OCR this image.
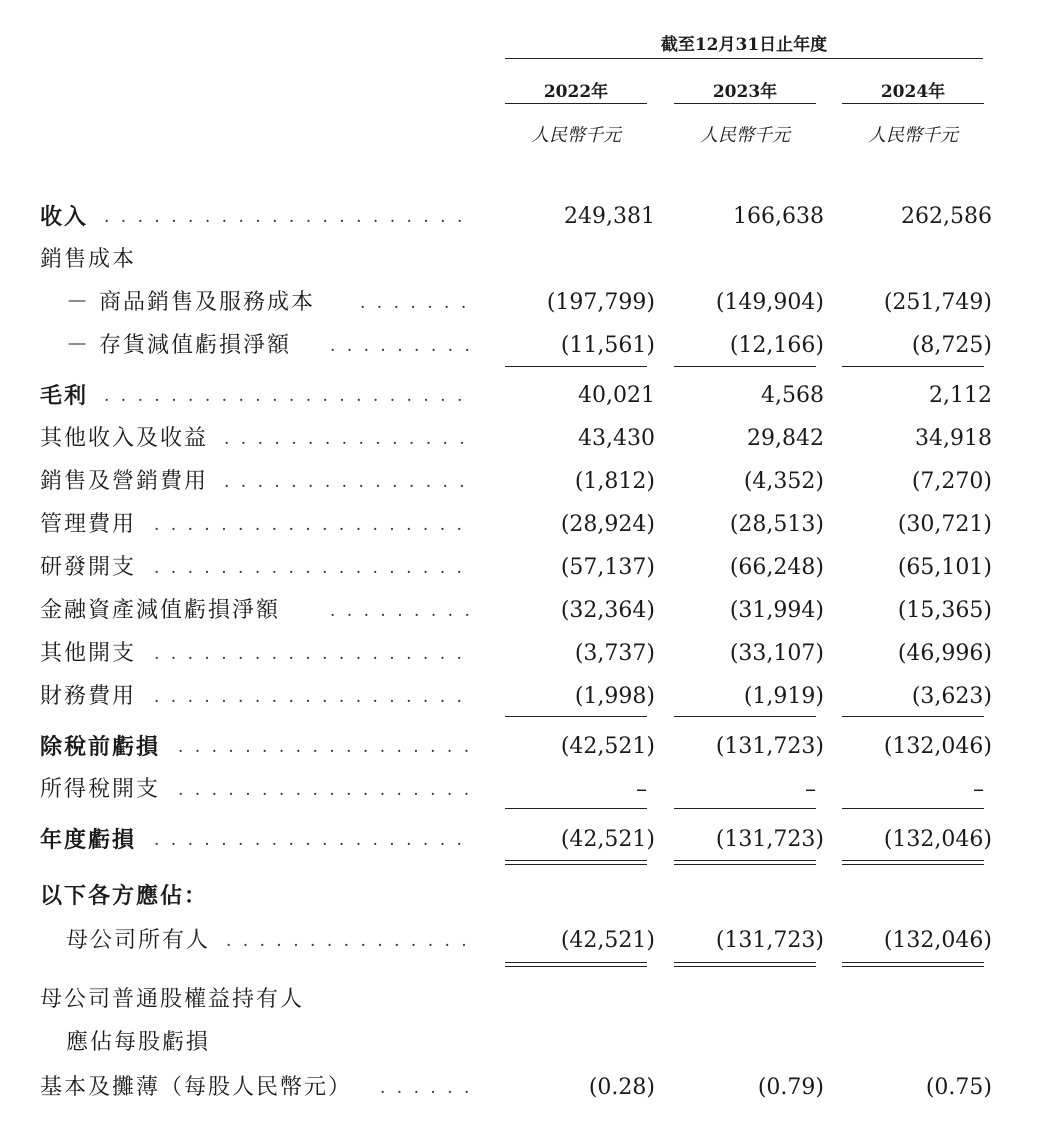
截至12月31日止年度
2022年	2023年	2024年
人民幣千元	人民幣千元	人民幣千元
收入 . . .	249,381	166,638	262,586
銷售成本
－ 商品銷售及服務成本 . . .	(197,799)	(149,904)	(251,749)
－ 存貨減值虧損淨額 . . .	(11,561)	(12,166)	(8,725)
毛利 . . .	40,021	4,568	2,112
其他收入及收益 . . .	43,430	29,842	34,918
銷售及營銷費用 . . .	(1,812)	(4,352)	(7,270)
管理費用 . . .	(28,924)	(28,513)	(30,721)
研發開支 . . .	(57,137)	(66,248)	(65,101)
金融資產減值虧損淨額 . . .	(32,364)	(31,994)	(15,365)
其他開支 . . .	(3,737)	(33,107)	(46,996)
財務費用 . . .	(1,998)	(1,919)	(3,623)
除稅前虧損 . . .	(42,521)	(131,723)	(132,046)
所得稅開支 . . .	–	–	–
年度虧損 . . .	(42,521)	(131,723)	(132,046)
以下各方應佔：
母公司所有人 . . .	(42,521)	(131,723)	(132,046)
母公司普通股權益持有人
應佔每股虧損
基本及攤薄（每股人民幣元） . . .	(0.28)	(0.79)	(0.75)
